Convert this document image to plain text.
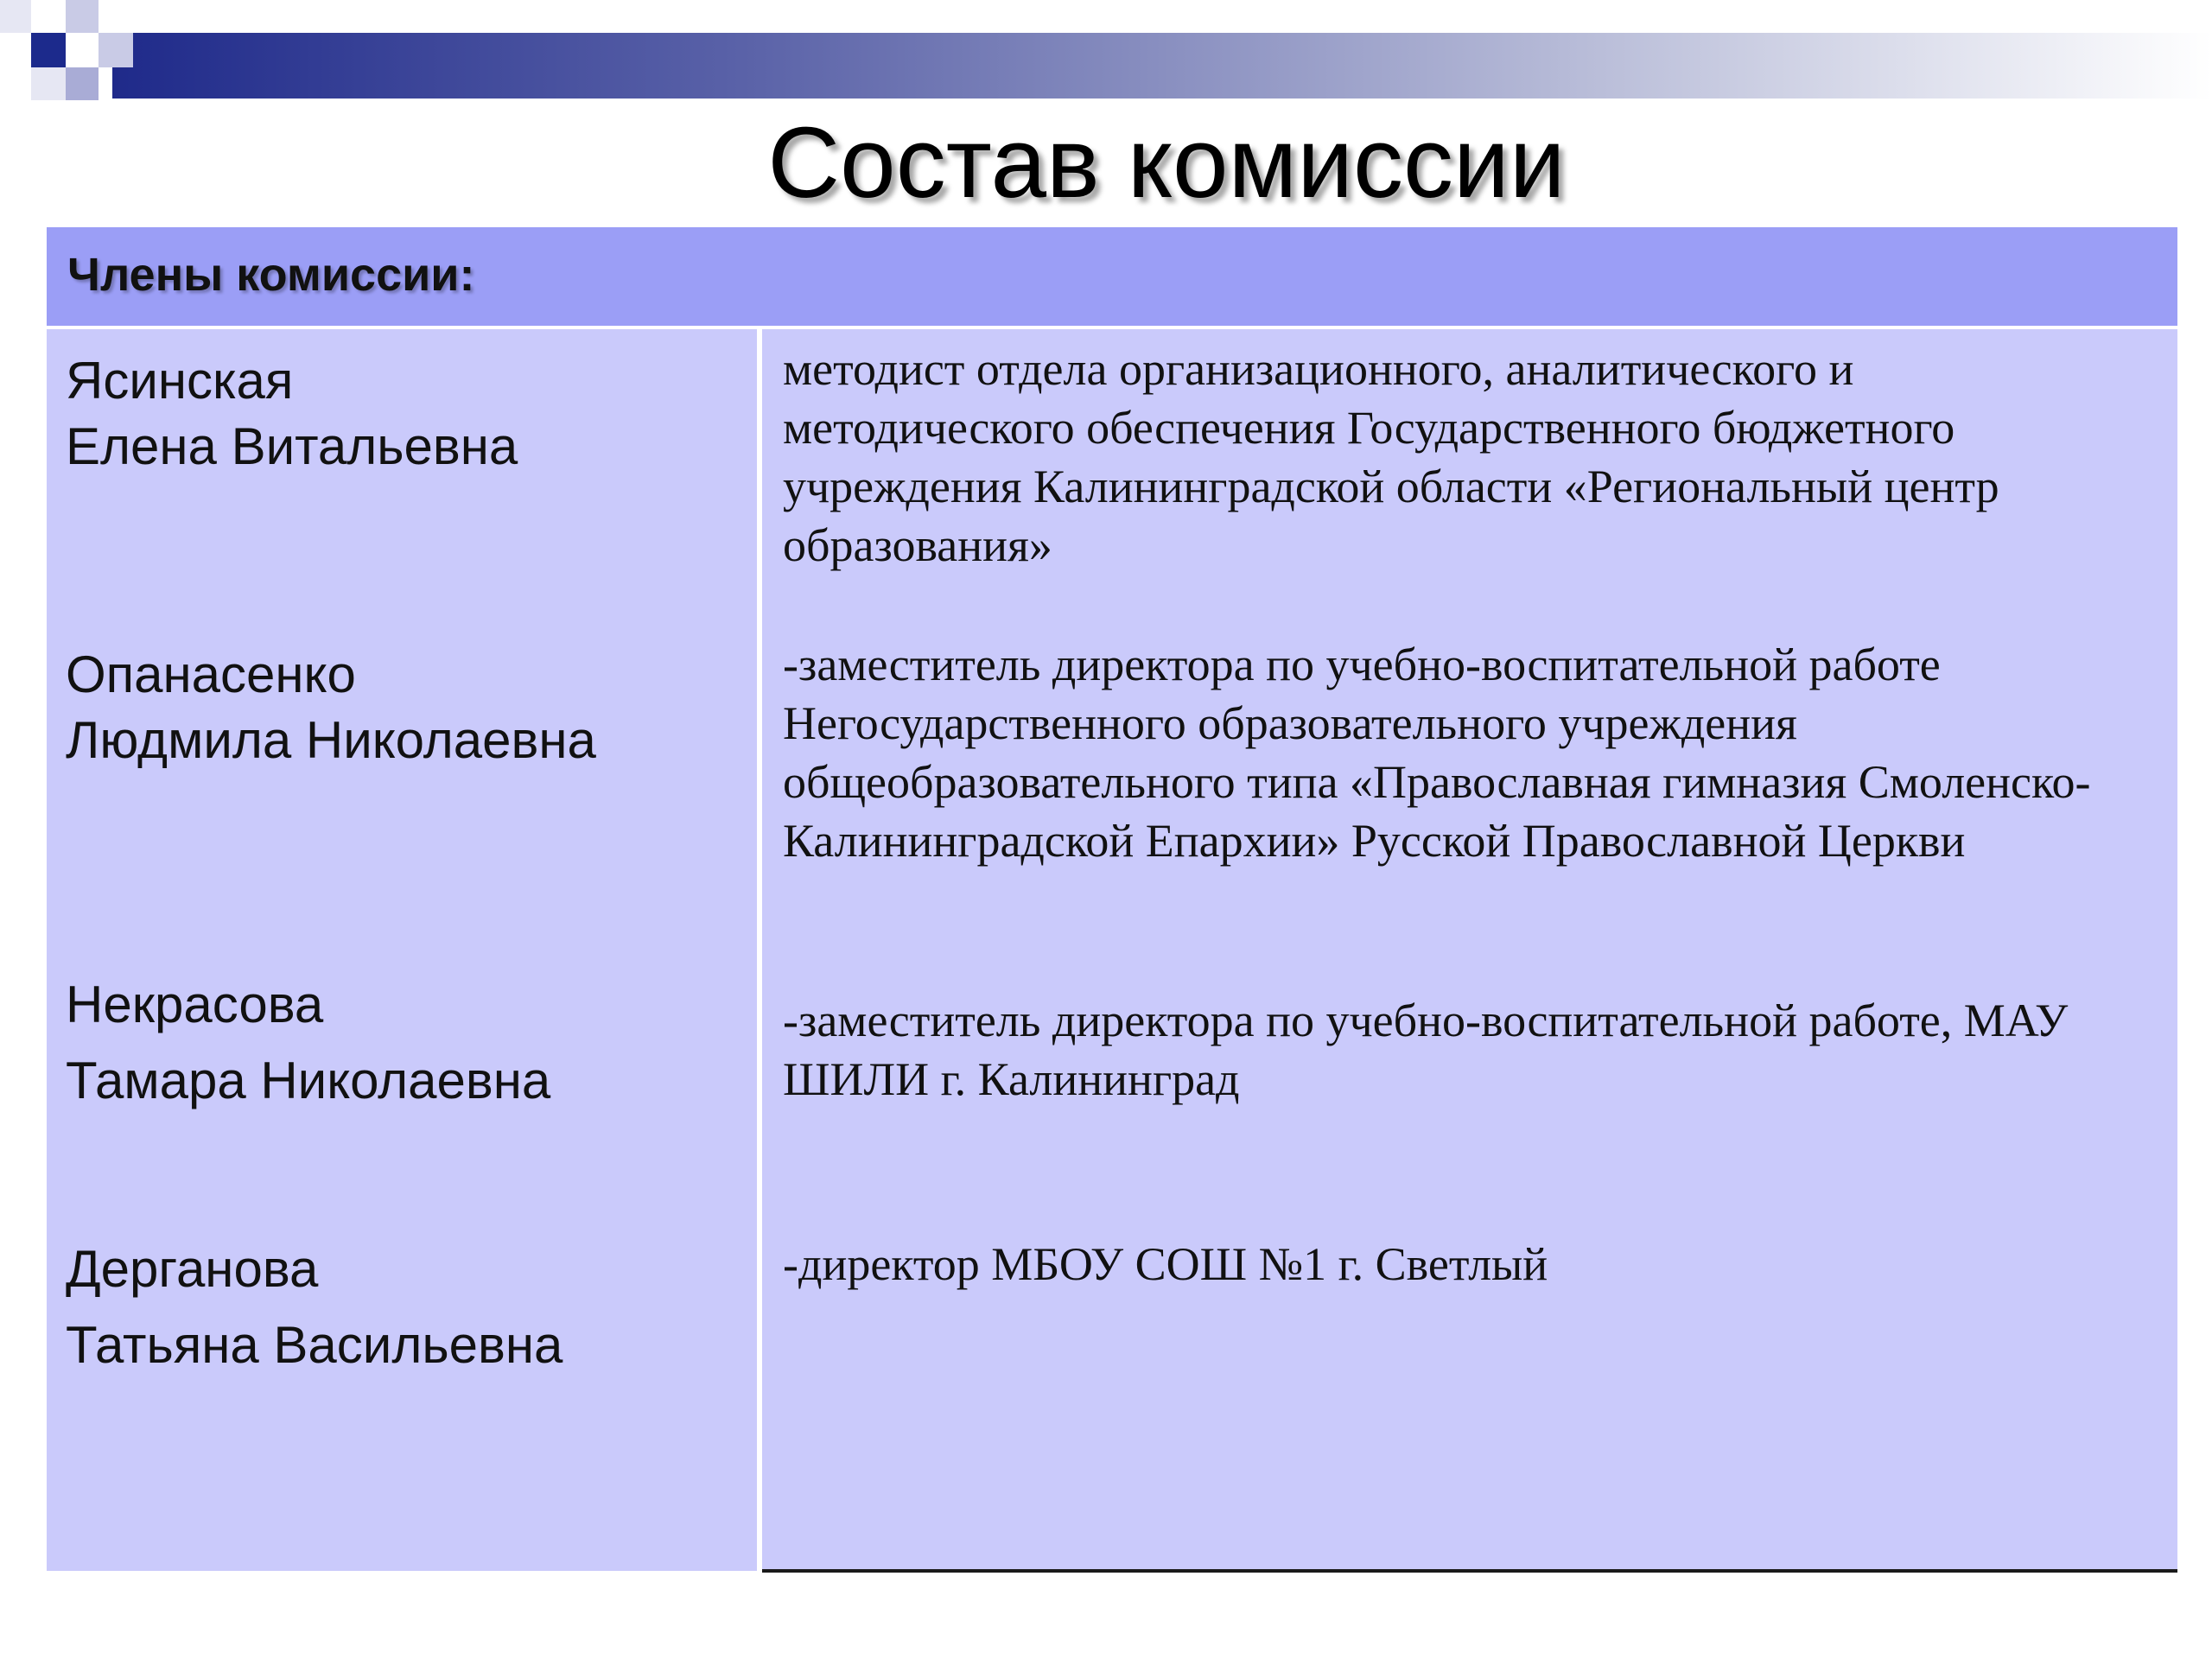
Состав комиссии

Члены комиссии:

Ясинская
Елена Витальевна

Опанасенко
Людмила Николаевна

Некрасова
Тамара Николаевна

Дерганова
Татьяна Васильевна

методист отдела организационного, аналитического и методического обеспечения Государственного бюджетного учреждения Калининградской области «Региональный центр образования»

-заместитель директора по учебно-воспитательной работе Негосударственного образовательного учреждения общеобразовательного типа «Православная гимназия Смоленско-Калининградской Епархии» Русской Православной Церкви

-заместитель директора по учебно-воспитательной работе, МАУ ШИЛИ г. Калининград

-директор МБОУ СОШ №1 г. Светлый
